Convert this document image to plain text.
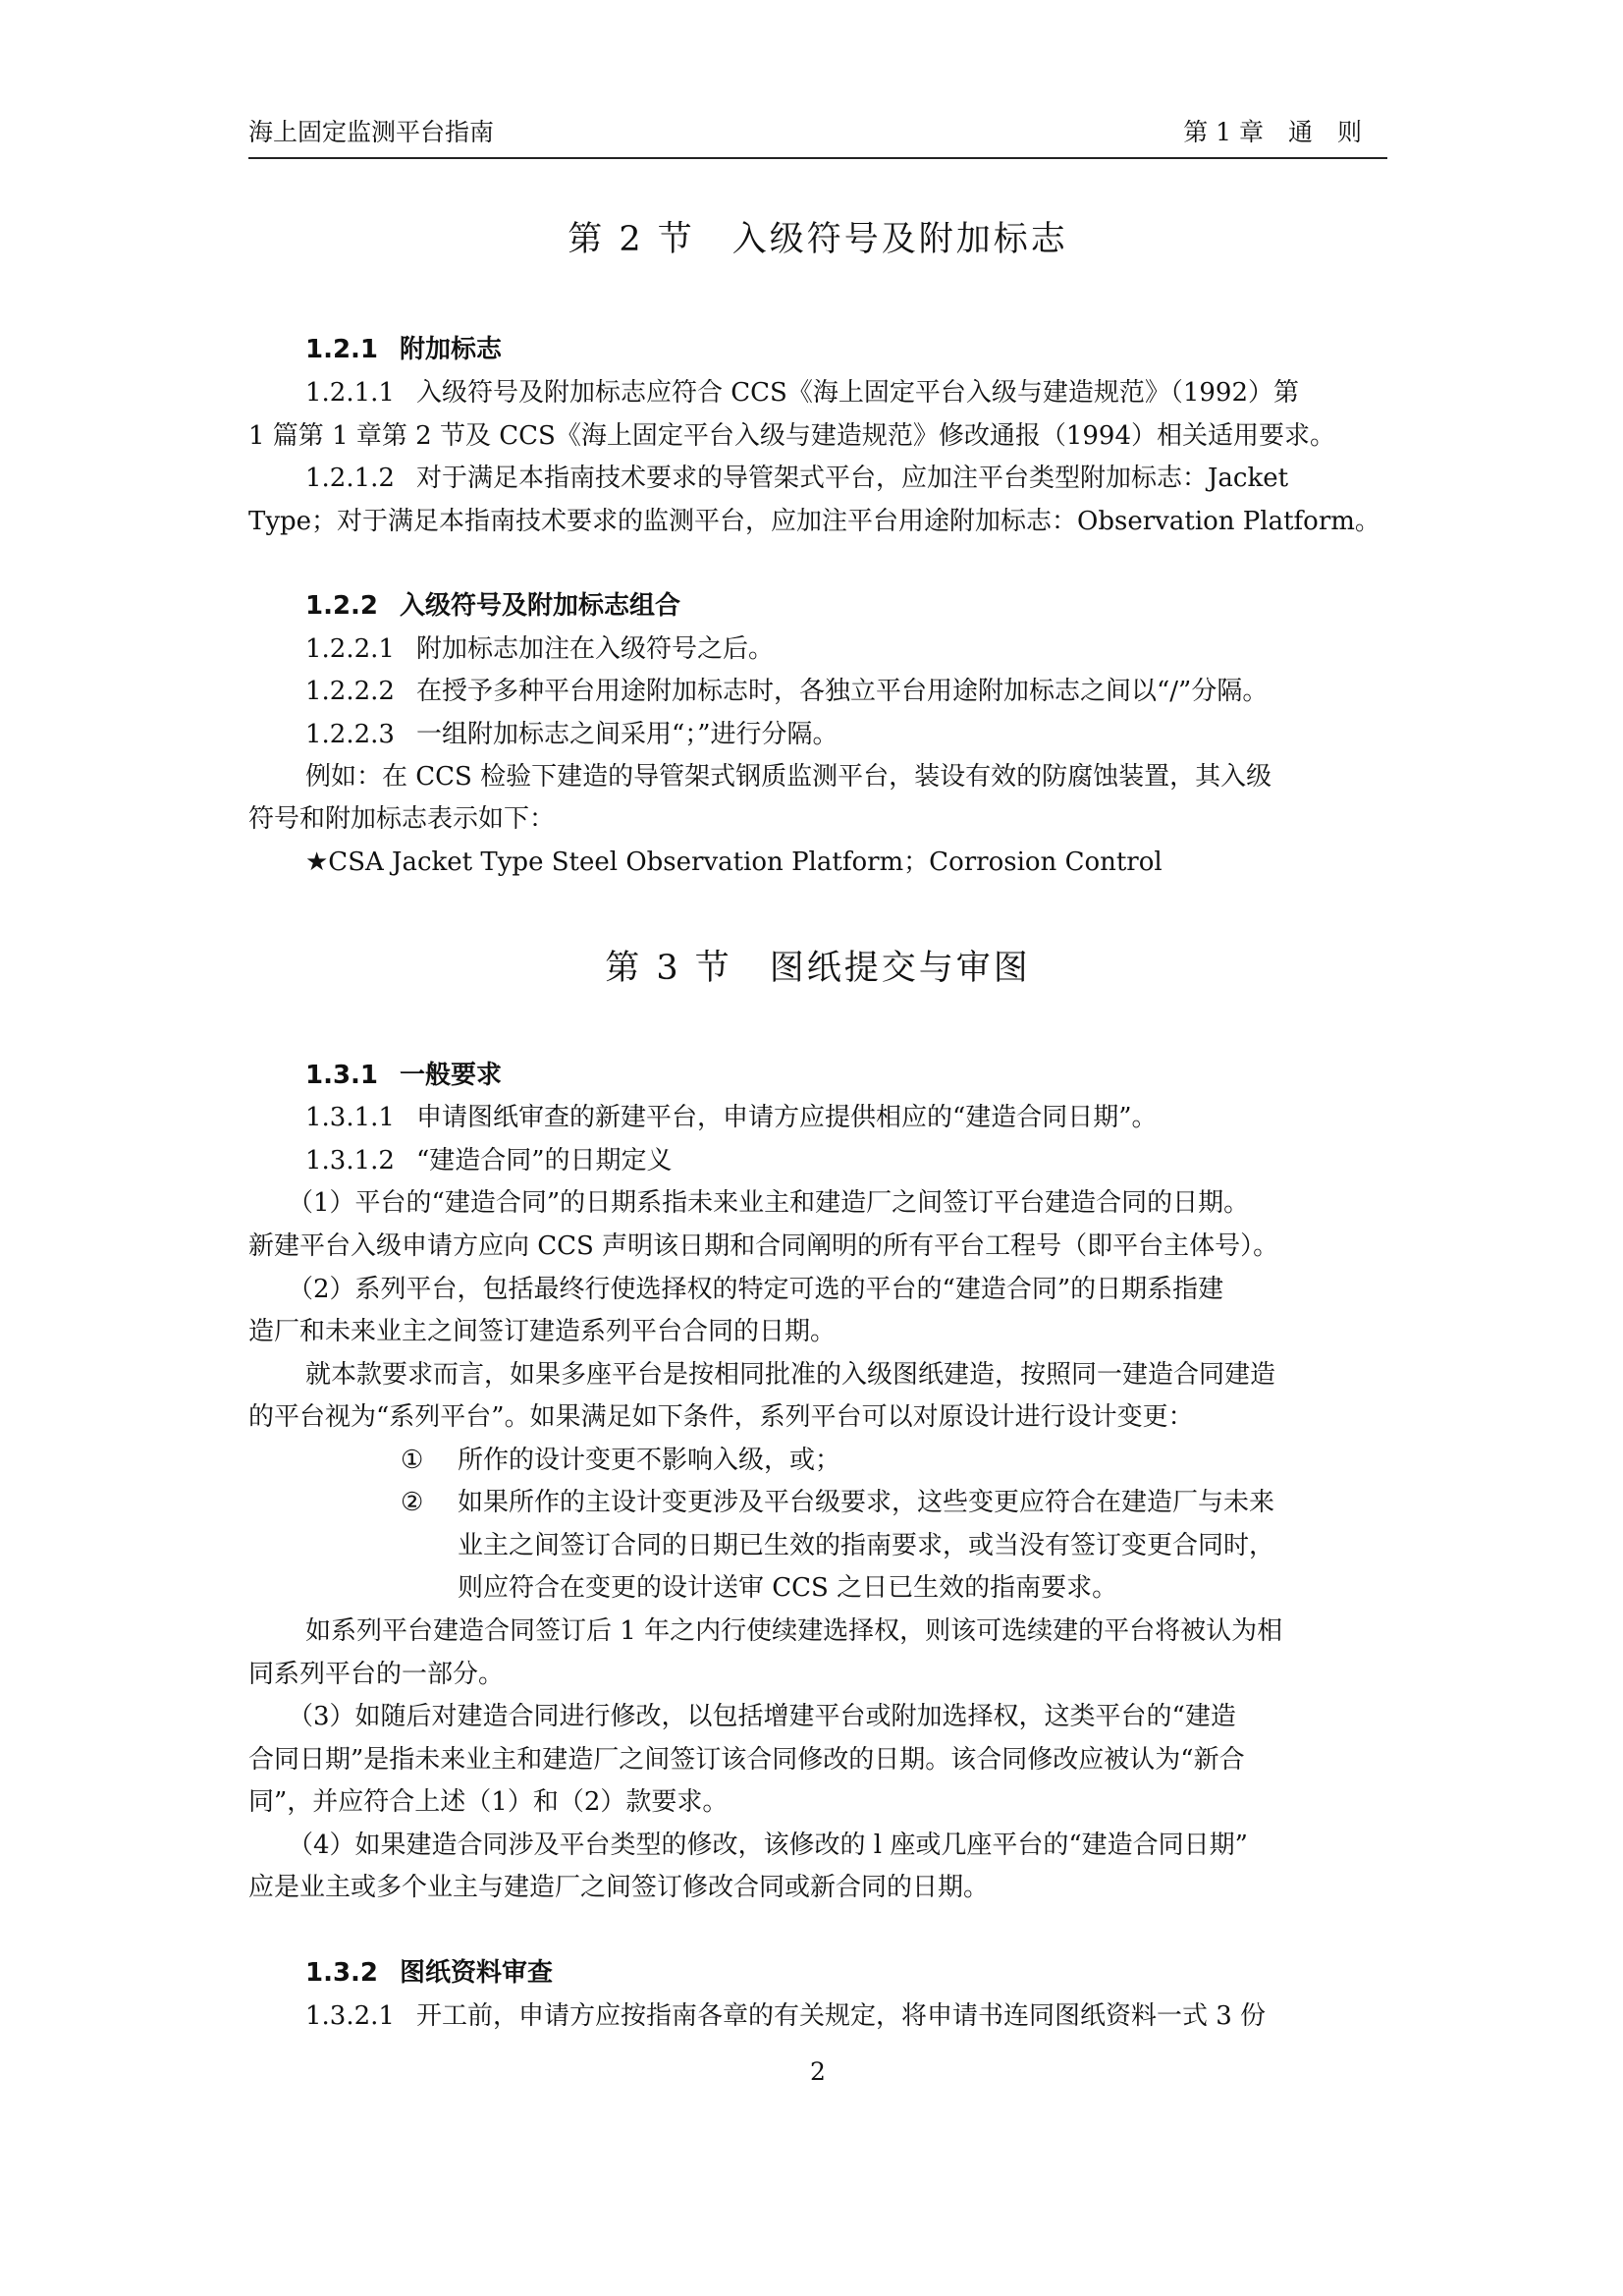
海上固定监测平台指南	第 1 章　通　则
第 2 节　入级符号及附加标志
1.2.1 附加标志
1.2.1.1 入级符号及附加标志应符合 CCS《海上固定平台入级与建造规范》（1992）第
1 篇第 1 章第 2 节及 CCS《海上固定平台入级与建造规范》修改通报（1994）相关适用要求。
1.2.1.2 对于满足本指南技术要求的导管架式平台，应加注平台类型附加标志：Jacket
Type；对于满足本指南技术要求的监测平台，应加注平台用途附加标志：Observation Platform。
1.2.2 入级符号及附加标志组合
1.2.2.1 附加标志加注在入级符号之后。
1.2.2.2 在授予多种平台用途附加标志时，各独立平台用途附加标志之间以“/”分隔。
1.2.2.3 一组附加标志之间采用“；”进行分隔。
例如：在 CCS 检验下建造的导管架式钢质监测平台，装设有效的防腐蚀装置，其入级
符号和附加标志表示如下：
★CSA Jacket Type Steel Observation Platform；Corrosion Control
第 3 节　图纸提交与审图
1.3.1 一般要求
1.3.1.1 申请图纸审查的新建平台，申请方应提供相应的“建造合同日期”。
1.3.1.2 “建造合同”的日期定义
（1）平台的“建造合同”的日期系指未来业主和建造厂之间签订平台建造合同的日期。
新建平台入级申请方应向 CCS 声明该日期和合同阐明的所有平台工程号（即平台主体号）。
（2）系列平台，包括最终行使选择权的特定可选的平台的“建造合同”的日期系指建
造厂和未来业主之间签订建造系列平台合同的日期。
就本款要求而言，如果多座平台是按相同批准的入级图纸建造，按照同一建造合同建造
的平台视为“系列平台”。如果满足如下条件，系列平台可以对原设计进行设计变更：
① 所作的设计变更不影响入级，或；
② 如果所作的主设计变更涉及平台级要求，这些变更应符合在建造厂与未来
业主之间签订合同的日期已生效的指南要求，或当没有签订变更合同时，
则应符合在变更的设计送审 CCS 之日已生效的指南要求。
如系列平台建造合同签订后 1 年之内行使续建选择权，则该可选续建的平台将被认为相
同系列平台的一部分。
（3）如随后对建造合同进行修改，以包括增建平台或附加选择权，这类平台的“建造
合同日期”是指未来业主和建造厂之间签订该合同修改的日期。该合同修改应被认为“新合
同”，并应符合上述（1）和（2）款要求。
（4）如果建造合同涉及平台类型的修改，该修改的 l 座或几座平台的“建造合同日期”
应是业主或多个业主与建造厂之间签订修改合同或新合同的日期。
1.3.2 图纸资料审查
1.3.2.1 开工前，申请方应按指南各章的有关规定，将申请书连同图纸资料一式 3 份
2
